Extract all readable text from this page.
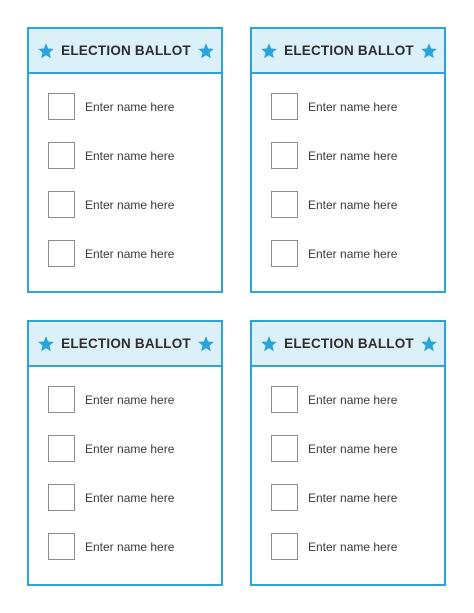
ELECTION BALLOT
Enter name here
Enter name here
Enter name here
Enter name here
ELECTION BALLOT
Enter name here
Enter name here
Enter name here
Enter name here
ELECTION BALLOT
Enter name here
Enter name here
Enter name here
Enter name here
ELECTION BALLOT
Enter name here
Enter name here
Enter name here
Enter name here
